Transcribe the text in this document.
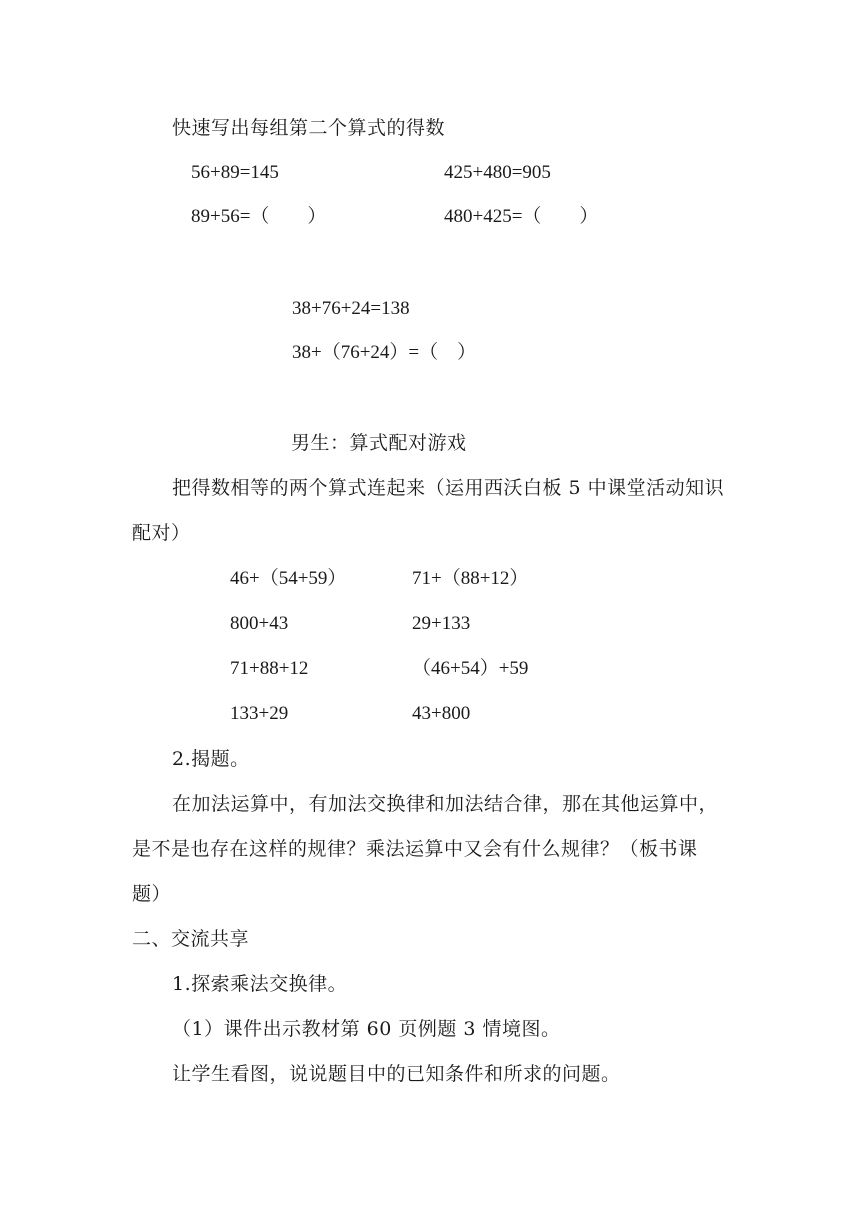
快速写出每组第二个算式的得数
56+89=145	425+480=905
89+56=（　　）	480+425=（　　）
38+76+24=138
38+（76+24）=（　）
男生：算式配对游戏
把得数相等的两个算式连起来（运用西沃白板 5 中课堂活动知识
配对）
46+（54+59）	71+（88+12）
800+43	29+133
71+88+12	（46+54）+59
133+29	43+800
2.揭题。
在加法运算中，有加法交换律和加法结合律，那在其他运算中，
是不是也存在这样的规律？乘法运算中又会有什么规律？（板书课
题）
二、交流共享
1.探索乘法交换律。
（1）课件出示教材第 60 页例题 3 情境图。
让学生看图，说说题目中的已知条件和所求的问题。
